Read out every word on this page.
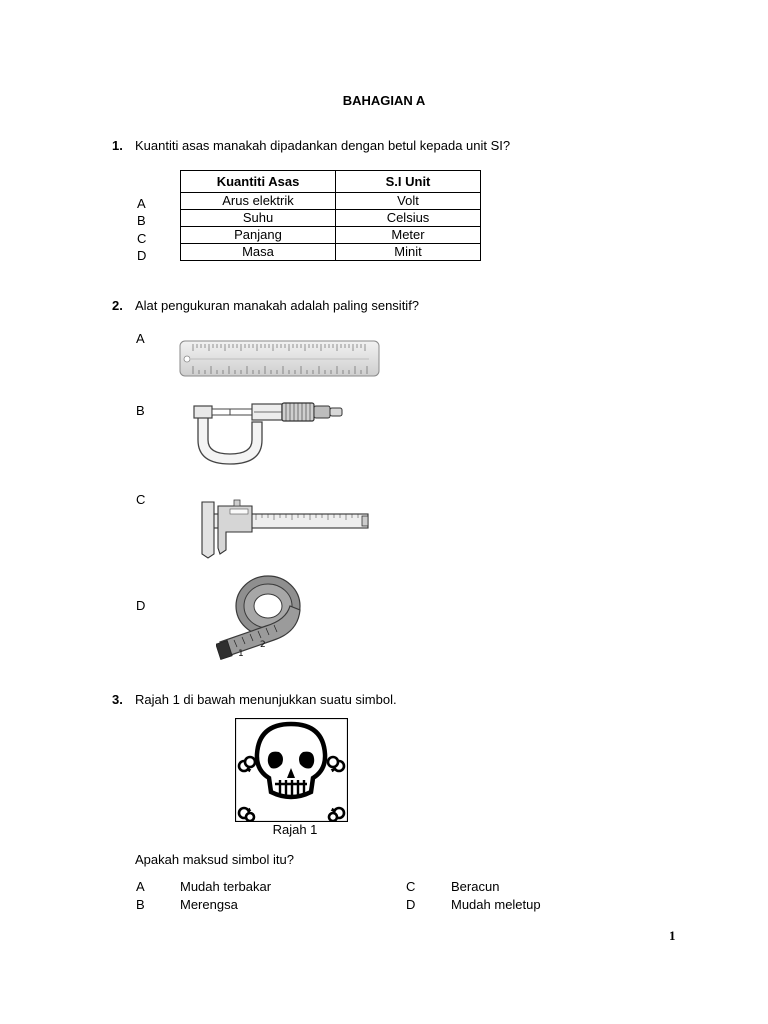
BAHAGIAN A
1. Kuantiti asas manakah dipadankan dengan betul kepada unit SI?
A
B
C
D
Kuantiti Asas	S.I Unit
Arus elektrik	Volt
Suhu	Celsius
Panjang	Meter
Masa	Minit
2. Alat pengukuran manakah adalah paling sensitif?
A
B
C
D
1
2
3. Rajah 1 di bawah menunjukkan suatu simbol.
Rajah 1
Apakah maksud simbol itu?
A	Mudah terbakar
B	Merengsa
C	Beracun
D	Mudah meletup
1
